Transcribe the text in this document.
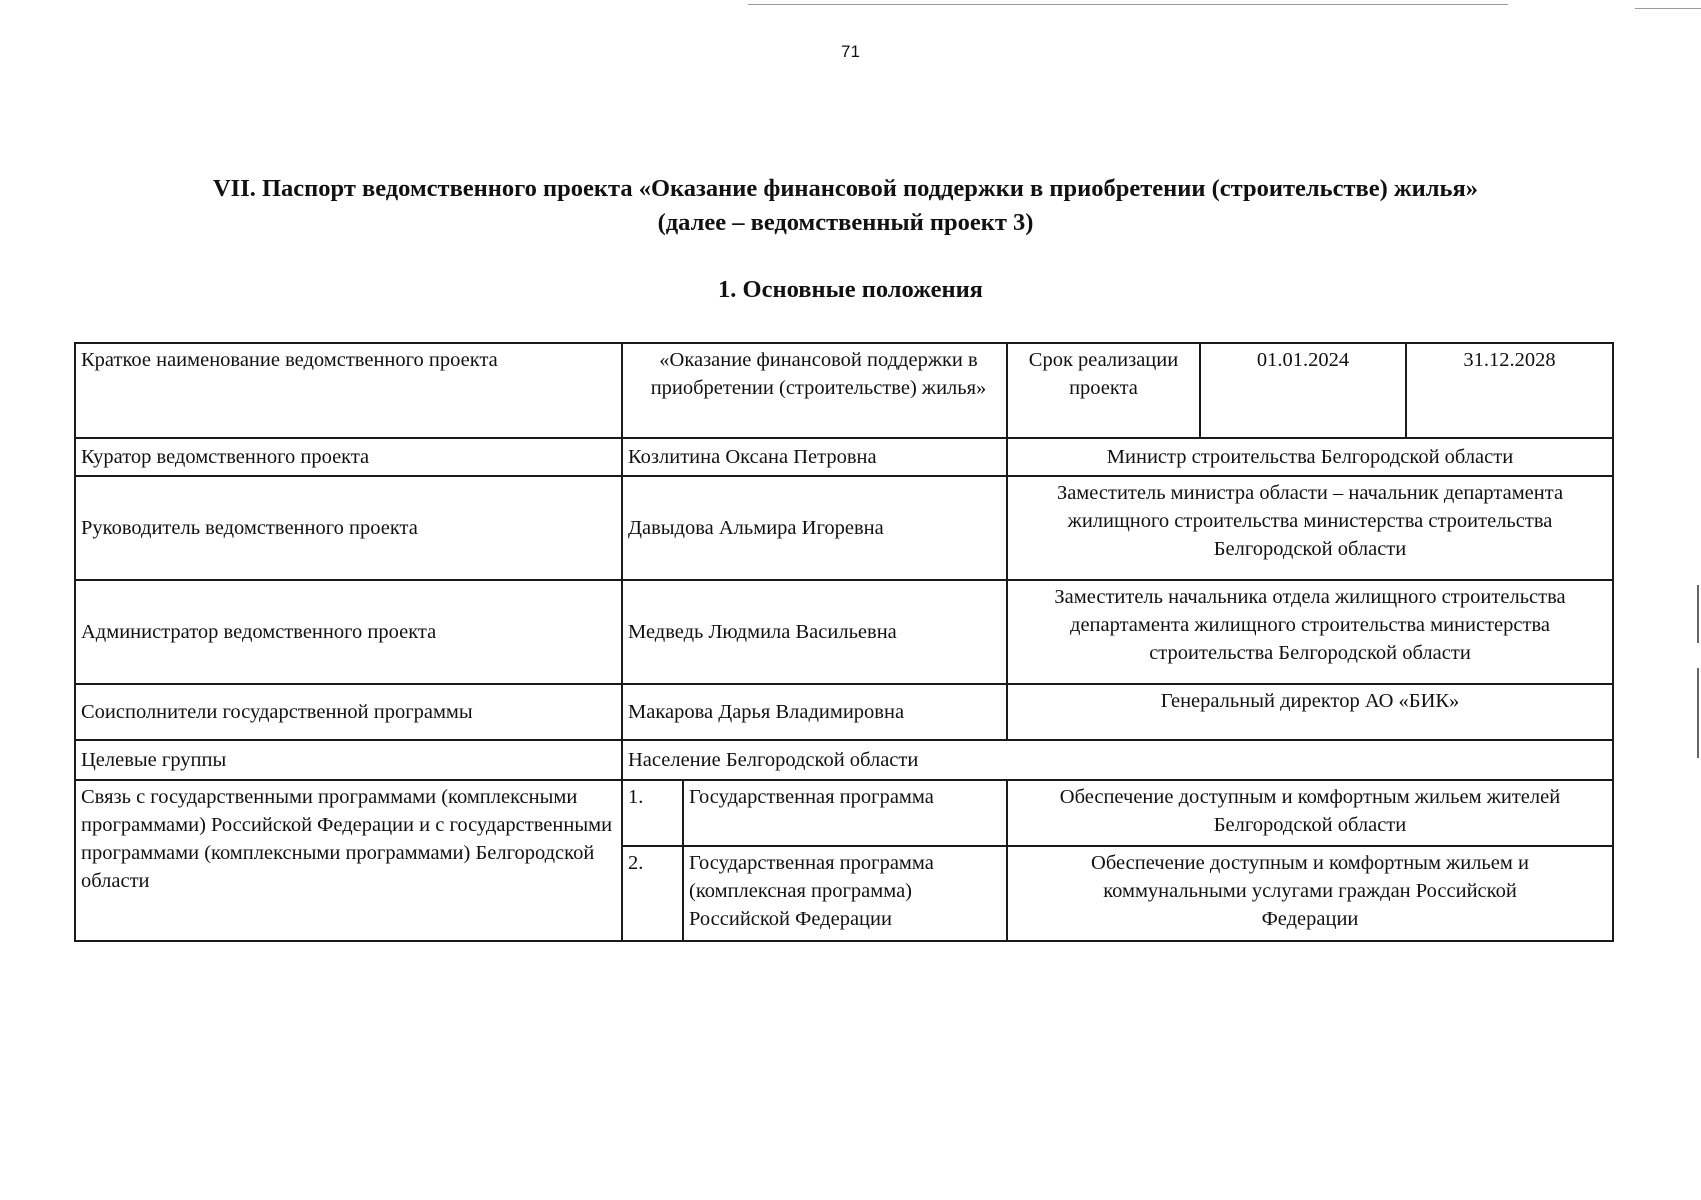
71
VII. Паспорт ведомственного проекта «Оказание финансовой поддержки в приобретении (строительстве) жилья»
(далее – ведомственный проект 3)
1. Основные положения
Краткое наименование ведомственного проекта	«Оказание финансовой поддержки в приобретении (строительстве) жилья»		Срок реализации проекта	01.01.2024	31.12.2028
Куратор ведомственного проекта	Козлитина Оксана Петровна		Министр строительства Белгородской области		
Руководитель ведомственного проекта	Давыдова Альмира Игоревна		Заместитель министра области – начальник департамента жилищного строительства министерства строительства Белгородской области		
Администратор ведомственного проекта	Медведь Людмила Васильевна		Заместитель начальника отдела жилищного строительства департамента жилищного строительства министерства строительства Белгородской области		
Соисполнители государственной программы	Макарова Дарья Владимировна		Генеральный директор АО «БИК»		
Целевые группы	Население Белгородской области				
Связь с государственными программами (комплексными программами) Российской Федерации и с государственными программами (комплексными программами) Белгородской области	1.	Государственная программа	Обеспечение доступным и комфортным жильем жителей Белгородской области		
	2.	Государственная программа (комплексная программа) Российской Федерации	Обеспечение доступным и комфортным жильем и коммунальными услугами граждан Российской Федерации		
